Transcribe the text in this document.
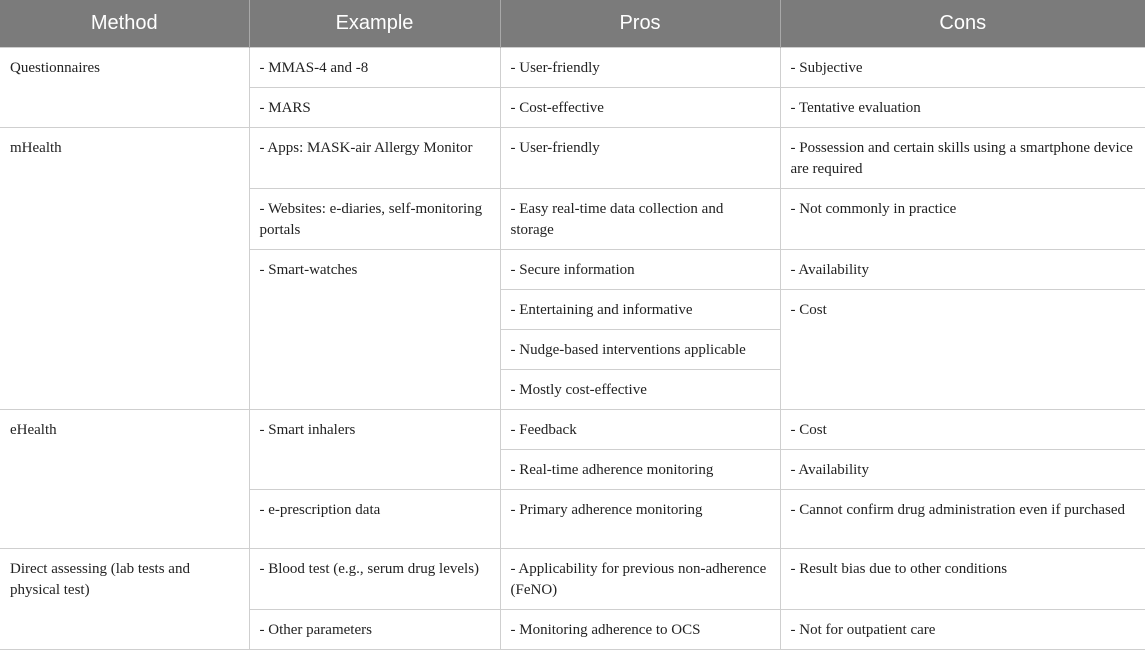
Method	Example	Pros	Cons
Questionnaires	- MMAS-4 and -8	- User-friendly	- Subjective
	- MARS	- Cost-effective	- Tentative evaluation
mHealth	- Apps: MASK-air Allergy Monitor	- User-friendly	- Possession and certain skills using a smartphone device are required
	- Websites: e-diaries, self-monitoring portals	- Easy real-time data collection and storage	- Not commonly in practice
	- Smart-watches	- Secure information	- Availability
		- Entertaining and informative	- Cost
		- Nudge-based interventions applicable	
		- Mostly cost-effective	
eHealth	- Smart inhalers	- Feedback	- Cost
		- Real-time adherence monitoring	- Availability
	- e-prescription data	- Primary adherence monitoring	- Cannot confirm drug administration even if purchased
Direct assessing (lab tests and physical test)	- Blood test (e.g., serum drug levels)	- Applicability for previous non-adherence (FeNO)	- Result bias due to other conditions
	- Other parameters	- Monitoring adherence to OCS	- Not for outpatient care
